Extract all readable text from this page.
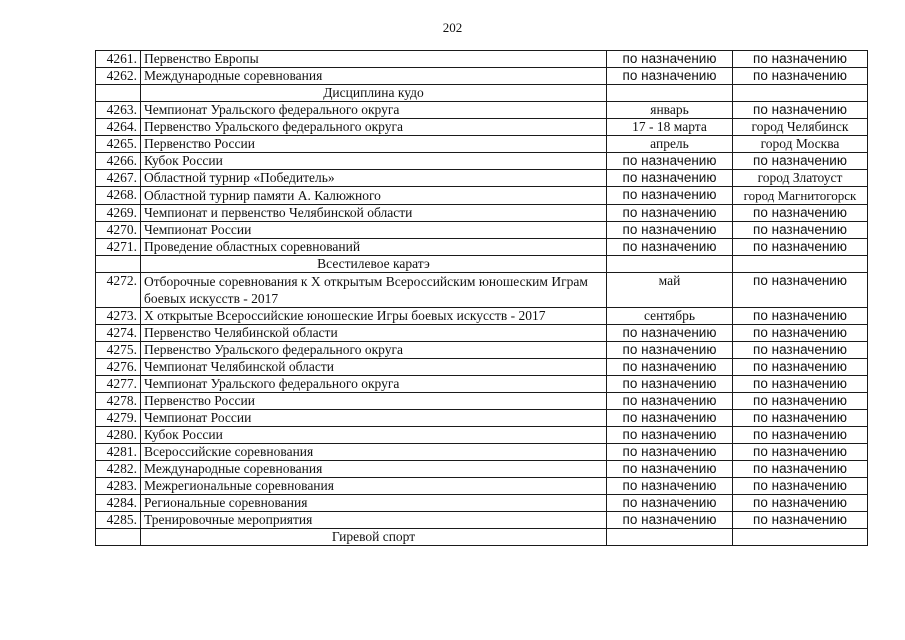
202
4261.	Первенство Европы	по назначению	по назначению
4262.	Международные соревнования	по назначению	по назначению
	Дисциплина кудо		
4263.	Чемпионат Уральского федерального округа	январь	по назначению
4264.	Первенство Уральского федерального округа	17 - 18 марта	город Челябинск
4265.	Первенство России	апрель	город Москва
4266.	Кубок России	по назначению	по назначению
4267.	Областной турнир «Победитель»	по назначению	город Златоуст
4268.	Областной турнир памяти А. Калюжного	по назначению	город Магнитогорск
4269.	Чемпионат и первенство Челябинской области	по назначению	по назначению
4270.	Чемпионат России	по назначению	по назначению
4271.	Проведение областных соревнований	по назначению	по назначению
	Всестилевое каратэ		
4272.	Отборочные соревнования к X открытым Всероссийским юношеским Играм боевых искусств - 2017	май	по назначению
4273.	X открытые Всероссийские юношеские Игры боевых искусств - 2017	сентябрь	по назначению
4274.	Первенство Челябинской области	по назначению	по назначению
4275.	Первенство Уральского федерального округа	по назначению	по назначению
4276.	Чемпионат Челябинской области	по назначению	по назначению
4277.	Чемпионат Уральского федерального округа	по назначению	по назначению
4278.	Первенство России	по назначению	по назначению
4279.	Чемпионат России	по назначению	по назначению
4280.	Кубок России	по назначению	по назначению
4281.	Всероссийские соревнования	по назначению	по назначению
4282.	Международные соревнования	по назначению	по назначению
4283.	Межрегиональные соревнования	по назначению	по назначению
4284.	Региональные соревнования	по назначению	по назначению
4285.	Тренировочные мероприятия	по назначению	по назначению
	Гиревой спорт		
